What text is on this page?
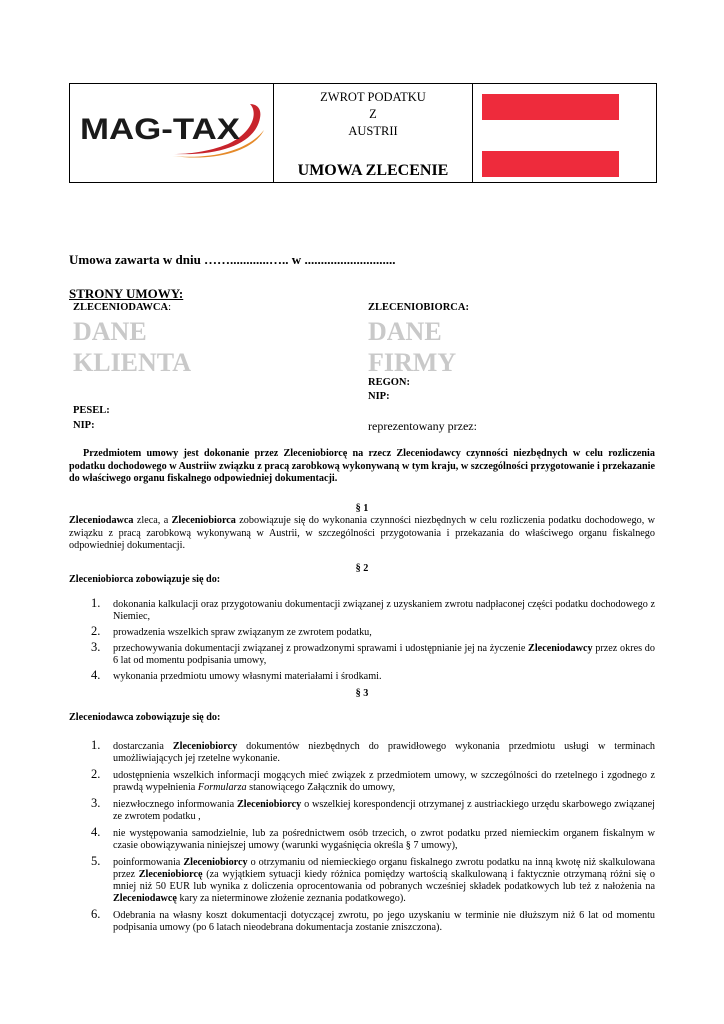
MAG-TAX
ZWROT PODATKU
Z
AUSTRII
UMOWA ZLECENIE
Umowa zawarta w dniu ……............….. w ............................
STRONY UMOWY:
ZLECENIODAWCA:
DANE
KLIENTA
PESEL:
NIP:
ZLECENIOBIORCA:
DANE
FIRMY
REGON:
NIP:
reprezentowany przez:
Przedmiotem umowy jest dokonanie przez Zleceniobiorcę na rzecz Zleceniodawcy czynności niezbędnych w celu rozliczenia podatku dochodowego w Austriiw związku z pracą zarobkową wykonywaną w tym kraju, w szczególności przygotowanie i przekazanie do właściwego organu fiskalnego odpowiedniej dokumentacji.
§ 1
Zleceniodawca zleca, a Zleceniobiorca zobowiązuje się do wykonania czynności niezbędnych w celu rozliczenia podatku dochodowego, w związku z pracą zarobkową wykonywaną w Austrii, w szczególności przygotowania i przekazania do właściwego organu fiskalnego odpowiedniej dokumentacji.
§ 2
Zleceniobiorca zobowiązuje się do:
1. dokonania kalkulacji oraz przygotowaniu dokumentacji związanej z uzyskaniem zwrotu nadpłaconej części podatku dochodowego z Niemiec,
2. prowadzenia wszelkich spraw związanym ze zwrotem podatku,
3. przechowywania dokumentacji związanej z prowadzonymi sprawami i udostępnianie jej na życzenie Zleceniodawcy przez okres do 6 lat od momentu podpisania umowy,
4. wykonania przedmiotu umowy własnymi materiałami i środkami.
§ 3
Zleceniodawca zobowiązuje się do:
1. dostarczania Zleceniobiorcy dokumentów niezbędnych do prawidłowego wykonania przedmiotu usługi w terminach umożliwiających jej rzetelne wykonanie.
2. udostępnienia wszelkich informacji mogących mieć związek z przedmiotem umowy, w szczególności do rzetelnego i zgodnego z prawdą wypełnienia Formularza stanowiącego Załącznik do umowy,
3. niezwłocznego informowania Zleceniobiorcy o wszelkiej korespondencji otrzymanej z austriackiego urzędu skarbowego związanej ze zwrotem podatku ,
4. nie występowania samodzielnie, lub za pośrednictwem osób trzecich, o zwrot podatku przed niemieckim organem fiskalnym w czasie obowiązywania niniejszej umowy (warunki wygaśnięcia określa § 7 umowy),
5. poinformowania Zleceniobiorcy o otrzymaniu od niemieckiego organu fiskalnego zwrotu podatku na inną kwotę niż skalkulowana przez Zleceniobiorcę (za wyjątkiem sytuacji kiedy różnica pomiędzy wartością skalkulowaną i faktycznie otrzymaną różni się o mniej niż 50 EUR lub wynika z doliczenia oprocentowania od pobranych wcześniej składek podatkowych lub też z nałożenia na Zleceniodawcę kary za nieterminowe złożenie zeznania podatkowego).
6. Odebrania na własny koszt dokumentacji dotyczącej zwrotu, po jego uzyskaniu w terminie nie dłuższym niż 6 lat od momentu podpisania umowy (po 6 latach nieodebrana dokumentacja zostanie zniszczona).
